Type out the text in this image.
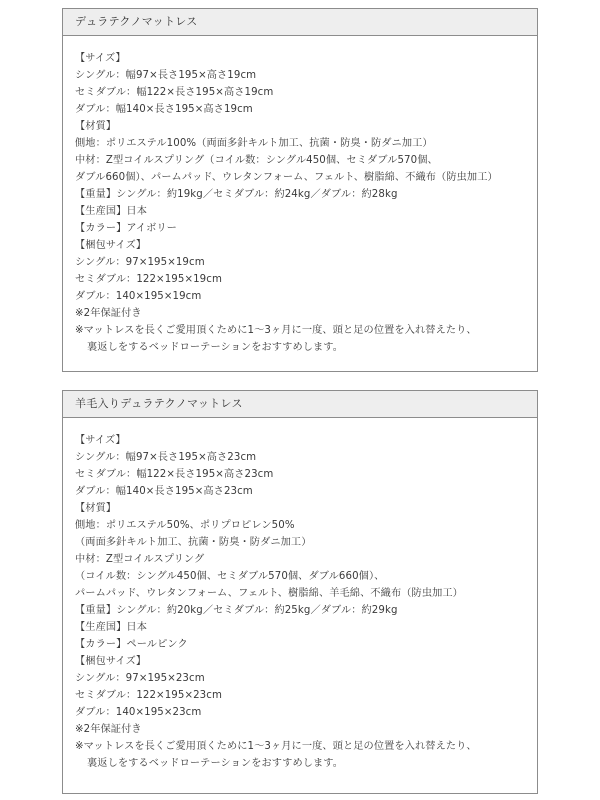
デュラテクノマットレス
【サイズ】
シングル：幅97×長さ195×高さ19cm
セミダブル：幅122×長さ195×高さ19cm
ダブル：幅140×長さ195×高さ19cm
【材質】
側地：ポリエステル100%（両面多針キルト加工、抗菌・防臭・防ダニ加工）
中材：Z型コイルスプリング（コイル数：シングル450個、セミダブル570個、
ダブル660個）、パームパッド、ウレタンフォーム、フェルト、樹脂綿、不織布（防虫加工）
【重量】シングル：約19kg／セミダブル：約24kg／ダブル：約28kg
【生産国】日本
【カラー】アイボリー
【梱包サイズ】
シングル：97×195×19cm
セミダブル：122×195×19cm
ダブル：140×195×19cm
※2年保証付き
※マットレスを長くご愛用頂くために1〜3ヶ月に一度、頭と足の位置を入れ替えたり、
裏返しをするベッドローテーションをおすすめします。
羊毛入りデュラテクノマットレス
【サイズ】
シングル：幅97×長さ195×高さ23cm
セミダブル：幅122×長さ195×高さ23cm
ダブル：幅140×長さ195×高さ23cm
【材質】
側地：ポリエステル50%、ポリプロピレン50%
（両面多針キルト加工、抗菌・防臭・防ダニ加工）
中材：Z型コイルスプリング
（コイル数：シングル450個、セミダブル570個、ダブル660個）、
パームパッド、ウレタンフォーム、フェルト、樹脂綿、羊毛綿、不織布（防虫加工）
【重量】シングル：約20kg／セミダブル：約25kg／ダブル：約29kg
【生産国】日本
【カラー】ペールピンク
【梱包サイズ】
シングル：97×195×23cm
セミダブル：122×195×23cm
ダブル：140×195×23cm
※2年保証付き
※マットレスを長くご愛用頂くために1〜3ヶ月に一度、頭と足の位置を入れ替えたり、
裏返しをするベッドローテーションをおすすめします。
